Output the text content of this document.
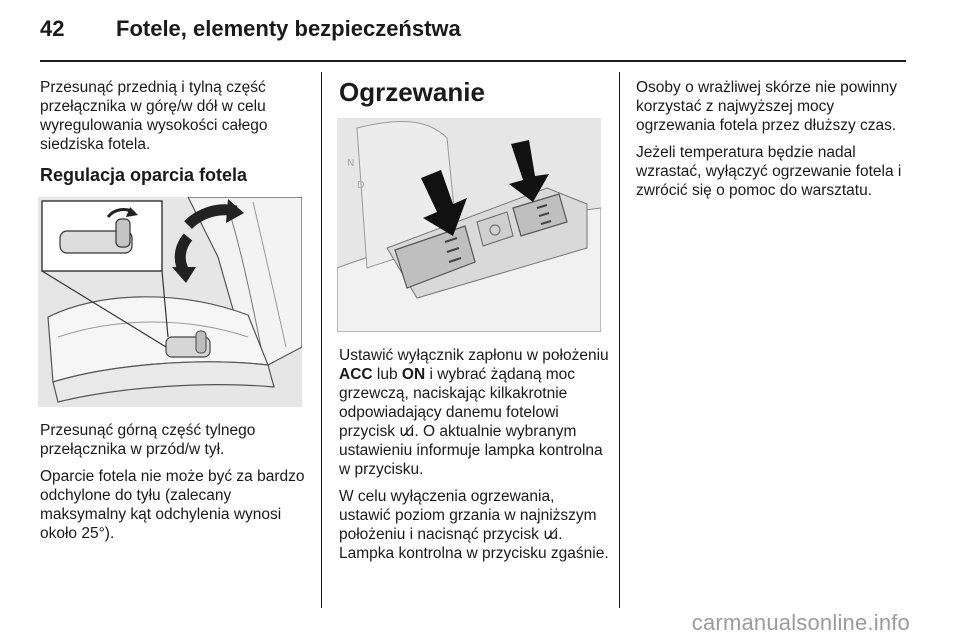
42 Fotele, elementy bezpieczeństwa

Przesunąć przednią i tylną część przełącznika w górę/w dół w celu wyregulowania wysokości całego siedziska fotela.

Regulacja oparcia fotela

Przesunąć górną część tylnego przełącznika w przód/w tył.

Oparcie fotela nie może być za bardzo odchylone do tyłu (zalecany maksymalny kąt odchylenia wynosi około 25°).

Ogrzewanie
N
D

Ustawić wyłącznik zapłonu w położeniu ACC lub ON i wybrać żądaną moc grzewczą, naciskając kilkakrotnie odpowiadający danemu fotelowi przycisk ɯ̸. O aktualnie wybranym ustawieniu informuje lampka kontrolna w przycisku.

W celu wyłączenia ogrzewania, ustawić poziom grzania w najniższym położeniu i nacisnąć przycisk ɯ̸. Lampka kontrolna w przycisku zgaśnie.

Osoby o wrażliwej skórze nie powinny korzystać z najwyższej mocy ogrzewania fotela przez dłuższy czas.

Jeżeli temperatura będzie nadal wzrastać, wyłączyć ogrzewanie fotela i zwrócić się o pomoc do warsztatu.

carmanualsonline.info
